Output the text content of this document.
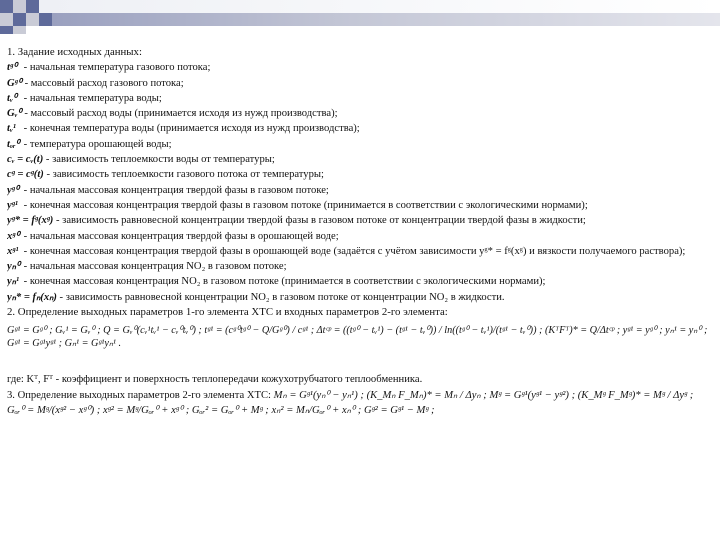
1. Задание исходных данных:
tᵍ⁰ - начальная температура газового потока;
Gᵍ⁰ - массовый расход газового потока;
tᵥ⁰ - начальная температура воды;
Gᵥ⁰ - массовый расход воды (принимается исходя из нужд производства);
tᵥ¹ - конечная температура воды (принимается исходя из нужд производства);
tₒᵣ⁰ - температура орошающей воды;
cᵥ = cᵥ(t) - зависимость теплоемкости воды от температуры;
cᵍ = cᵍ(t) - зависимость теплоемкости газового потока от температуры;
yᵍ⁰ - начальная массовая концентрация твердой фазы в газовом потоке;
yᵍ¹ - конечная массовая концентрация твердой фазы в газовом потоке (принимается в соответствии с экологическими нормами);
yᵍ* = fᵍ(xᵍ) - зависимость равновесной концентрации твердой фазы в газовом потоке от концентрации твердой фазы в жидкости;
xᵍ⁰ - начальная массовая концентрация твердой фазы в орошающей воде;
xᵍ¹ - конечная массовая концентрация твердой фазы в орошающей воде (задаётся с учётом зависимости yᵍ* = fᵍ(xᵍ) и вязкости получаемого раствора);
yₙ⁰ - начальная массовая концентрация NO₂ в газовом потоке;
yₙ¹ - конечная массовая концентрация NO₂ в газовом потоке (принимается в соответствии с экологическими нормами);
yₙ* = fₙ(xₙ) - зависимость равновесной концентрации NO₂ в газовом потоке от концентрации NO₂ в жидкости.
2. Определение выходных параметров 1-го элемента ХТС и входных параметров 2-го элемента:
Gᵍ¹ = Gᵍ⁰ ; Gᵥ¹ = Gᵥ⁰ ; Q = Gᵥ⁰(cᵥ¹tᵥ¹ − cᵥ⁰tᵥ⁰) ; tᵍ¹ = (cᵍ⁰tᵍ⁰ − Q/Gᵍ⁰) / cᵍ¹ ; Δtᶜᵖ = ((tᵍ⁰ − tᵥ¹) − (tᵍ¹ − tᵥ⁰)) / ln((tᵍ⁰ − tᵥ¹)/(tᵍ¹ − tᵥ⁰)) ; (KᵀFᵀ)* = Q/Δtᶜᵖ ; yᵍ¹ = yᵍ⁰ ; yₙ¹ = yₙ⁰ ; Gᵍ¹ = Gᵍ¹yᵍ¹ ; Gₙ¹ = Gᵍ¹yₙ¹ .
где: Kᵀ, Fᵀ - коэффициент и поверхность теплопередачи кожухотрубчатого теплообменника.
3. Определение выходных параметров 2-го элемента ХТС: Mₙ = Gᵍ¹(yₙ⁰ − yₙ¹) ; (K_Mₙ F_Mₙ)* = Mₙ / Δyₙ ; Mᵍ = Gᵍ¹(yᵍ¹ − yᵍ²) ; (K_Mᵍ F_Mᵍ)* = Mᵍ / Δyᵍ ;
Gₒᵣ⁰ = Mᵍ/(xᵍ² − xᵍ⁰) ; xᵍ² = Mᵍ/Gₒᵣ⁰ + xᵍ⁰ ; Gₒᵣ² = Gₒᵣ⁰ + Mᵍ ; xₙ² = Mₙ/Gₒᵣ⁰ + xₙ⁰ ; Gᵍ² = Gᵍ¹ − Mᵍ ;
